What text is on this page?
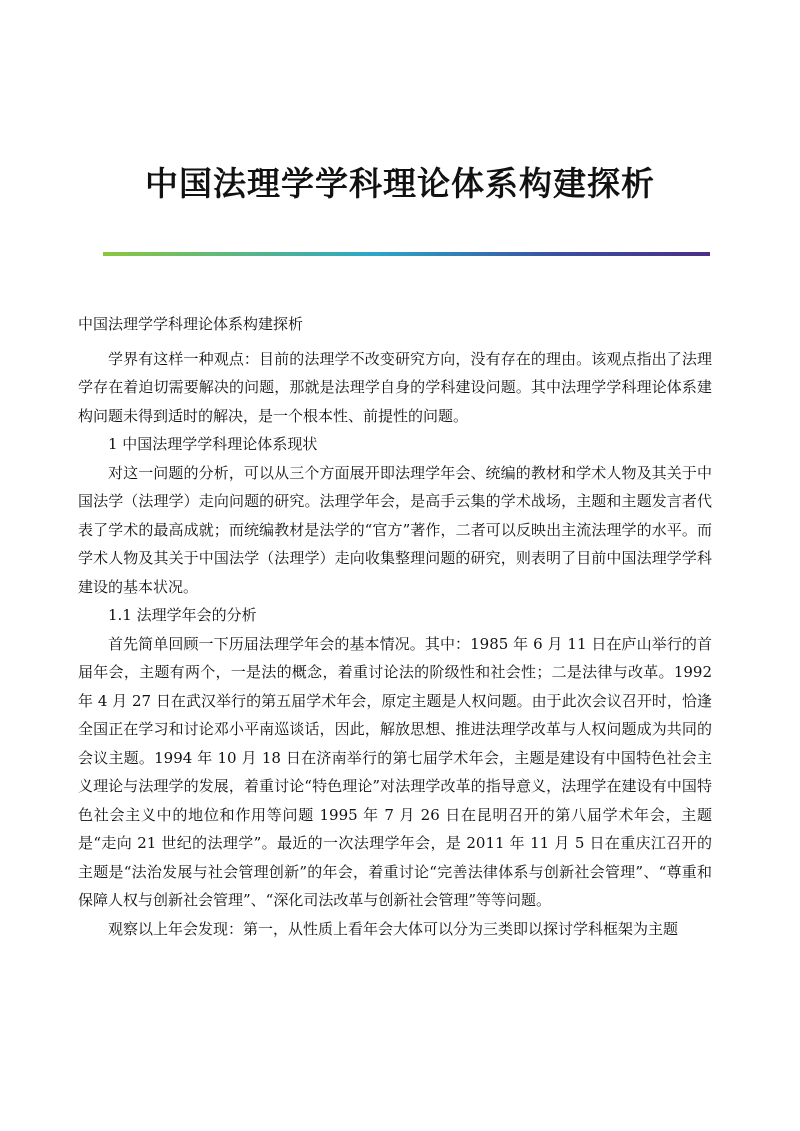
中国法理学学科理论体系构建探析

中国法理学学科理论体系构建探析

学界有这样一种观点：目前的法理学不改变研究方向，没有存在的理由。该观点指出了法理学存在着迫切需要解决的问题，那就是法理学自身的学科建设问题。其中法理学学科理论体系建构问题未得到适时的解决，是一个根本性、前提性的问题。

1 中国法理学学科理论体系现状

对这一问题的分析，可以从三个方面展开即法理学年会、统编的教材和学术人物及其关于中国法学（法理学）走向问题的研究。法理学年会，是高手云集的学术战场，主题和主题发言者代表了学术的最高成就；而统编教材是法学的“官方”著作，二者可以反映出主流法理学的水平。而学术人物及其关于中国法学（法理学）走向收集整理问题的研究，则表明了目前中国法理学学科建设的基本状况。

1.1 法理学年会的分析

首先简单回顾一下历届法理学年会的基本情况。其中：1985 年 6 月 11 日在庐山举行的首届年会，主题有两个，一是法的概念，着重讨论法的阶级性和社会性；二是法律与改革。1992 年 4 月 27 日在武汉举行的第五届学术年会，原定主题是人权问题。由于此次会议召开时，恰逢全国正在学习和讨论邓小平南巡谈话，因此，解放思想、推进法理学改革与人权问题成为共同的会议主题。1994 年 10 月 18 日在济南举行的第七届学术年会，主题是建设有中国特色社会主义理论与法理学的发展，着重讨论“特色理论”对法理学改革的指导意义，法理学在建设有中国特色社会主义中的地位和作用等问题 1995 年 7 月 26 日在昆明召开的第八届学术年会，主题是“走向 21 世纪的法理学”。最近的一次法理学年会，是 2011 年 11 月 5 日在重庆江召开的主题是“法治发展与社会管理创新”的年会，着重讨论“完善法律体系与创新社会管理”、“尊重和保障人权与创新社会管理”、“深化司法改革与创新社会管理”等等问题。

观察以上年会发现：第一，从性质上看年会大体可以分为三类即以探讨学科框架为主题
